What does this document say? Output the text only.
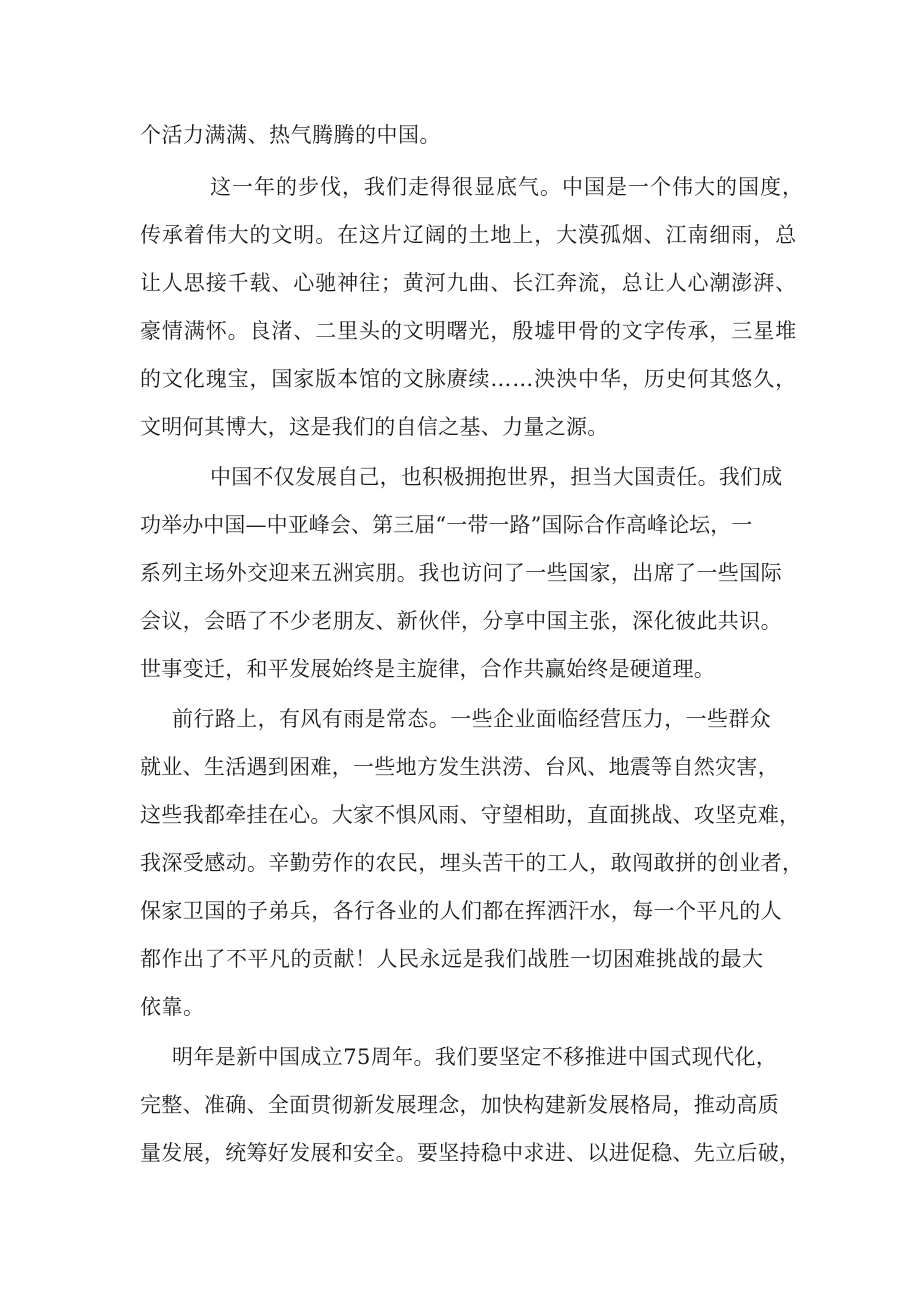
个活力满满、热气腾腾的中国。

这一年的步伐，我们走得很显底气。中国是一个伟大的国度，

传承着伟大的文明。在这片辽阔的土地上，大漠孤烟、江南细雨，总

让人思接千载、心驰神往；黄河九曲、长江奔流，总让人心潮澎湃、

豪情满怀。良渚、二里头的文明曙光，殷墟甲骨的文字传承，三星堆

的文化瑰宝，国家版本馆的文脉赓续……泱泱中华，历史何其悠久，

文明何其博大，这是我们的自信之基、力量之源。

中国不仅发展自己，也积极拥抱世界，担当大国责任。我们成

功举办中国—中亚峰会、第三届“一带一路”国际合作高峰论坛，一

系列主场外交迎来五洲宾朋。我也访问了一些国家，出席了一些国际

会议，会晤了不少老朋友、新伙伴，分享中国主张，深化彼此共识。

世事变迁，和平发展始终是主旋律，合作共赢始终是硬道理。

前行路上，有风有雨是常态。一些企业面临经营压力，一些群众

就业、生活遇到困难，一些地方发生洪涝、台风、地震等自然灾害，

这些我都牵挂在心。大家不惧风雨、守望相助，直面挑战、攻坚克难，

我深受感动。辛勤劳作的农民，埋头苦干的工人，敢闯敢拼的创业者，

保家卫国的子弟兵，各行各业的人们都在挥洒汗水，每一个平凡的人

都作出了不平凡的贡献！人民永远是我们战胜一切困难挑战的最大

依靠。

明年是新中国成立75周年。我们要坚定不移推进中国式现代化，

完整、准确、全面贯彻新发展理念，加快构建新发展格局，推动高质

量发展，统筹好发展和安全。要坚持稳中求进、以进促稳、先立后破，
